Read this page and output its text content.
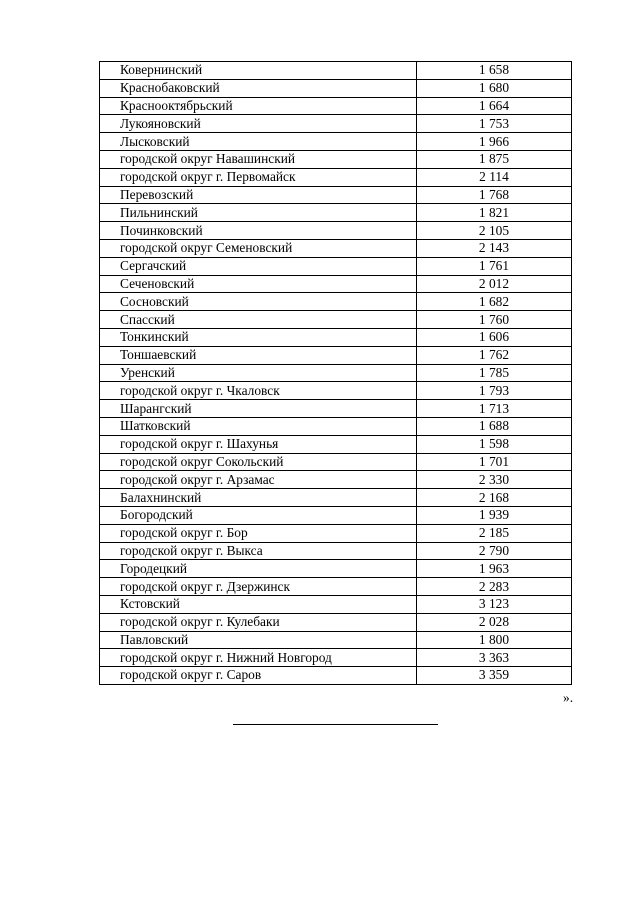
Ковернинский	1 658
Краснобаковский	1 680
Краснооктябрьский	1 664
Лукояновский	1 753
Лысковский	1 966
городской округ Навашинский	1 875
городской округ г. Первомайск	2 114
Перевозский	1 768
Пильнинский	1 821
Починковский	2 105
городской округ Семеновский	2 143
Сергачский	1 761
Сеченовский	2 012
Сосновский	1 682
Спасский	1 760
Тонкинский	1 606
Тоншаевский	1 762
Уренский	1 785
городской округ г. Чкаловск	1 793
Шарангский	1 713
Шатковский	1 688
городской округ г. Шахунья	1 598
городской округ Сокольский	1 701
городской округ г. Арзамас	2 330
Балахнинский	2 168
Богородский	1 939
городской округ г. Бор	2 185
городской округ г. Выкса	2 790
Городецкий	1 963
городской округ г. Дзержинск	2 283
Кстовский	3 123
городской округ г. Кулебаки	2 028
Павловский	1 800
городской округ г. Нижний Новгород	3 363
городской округ г. Саров	3 359
».
